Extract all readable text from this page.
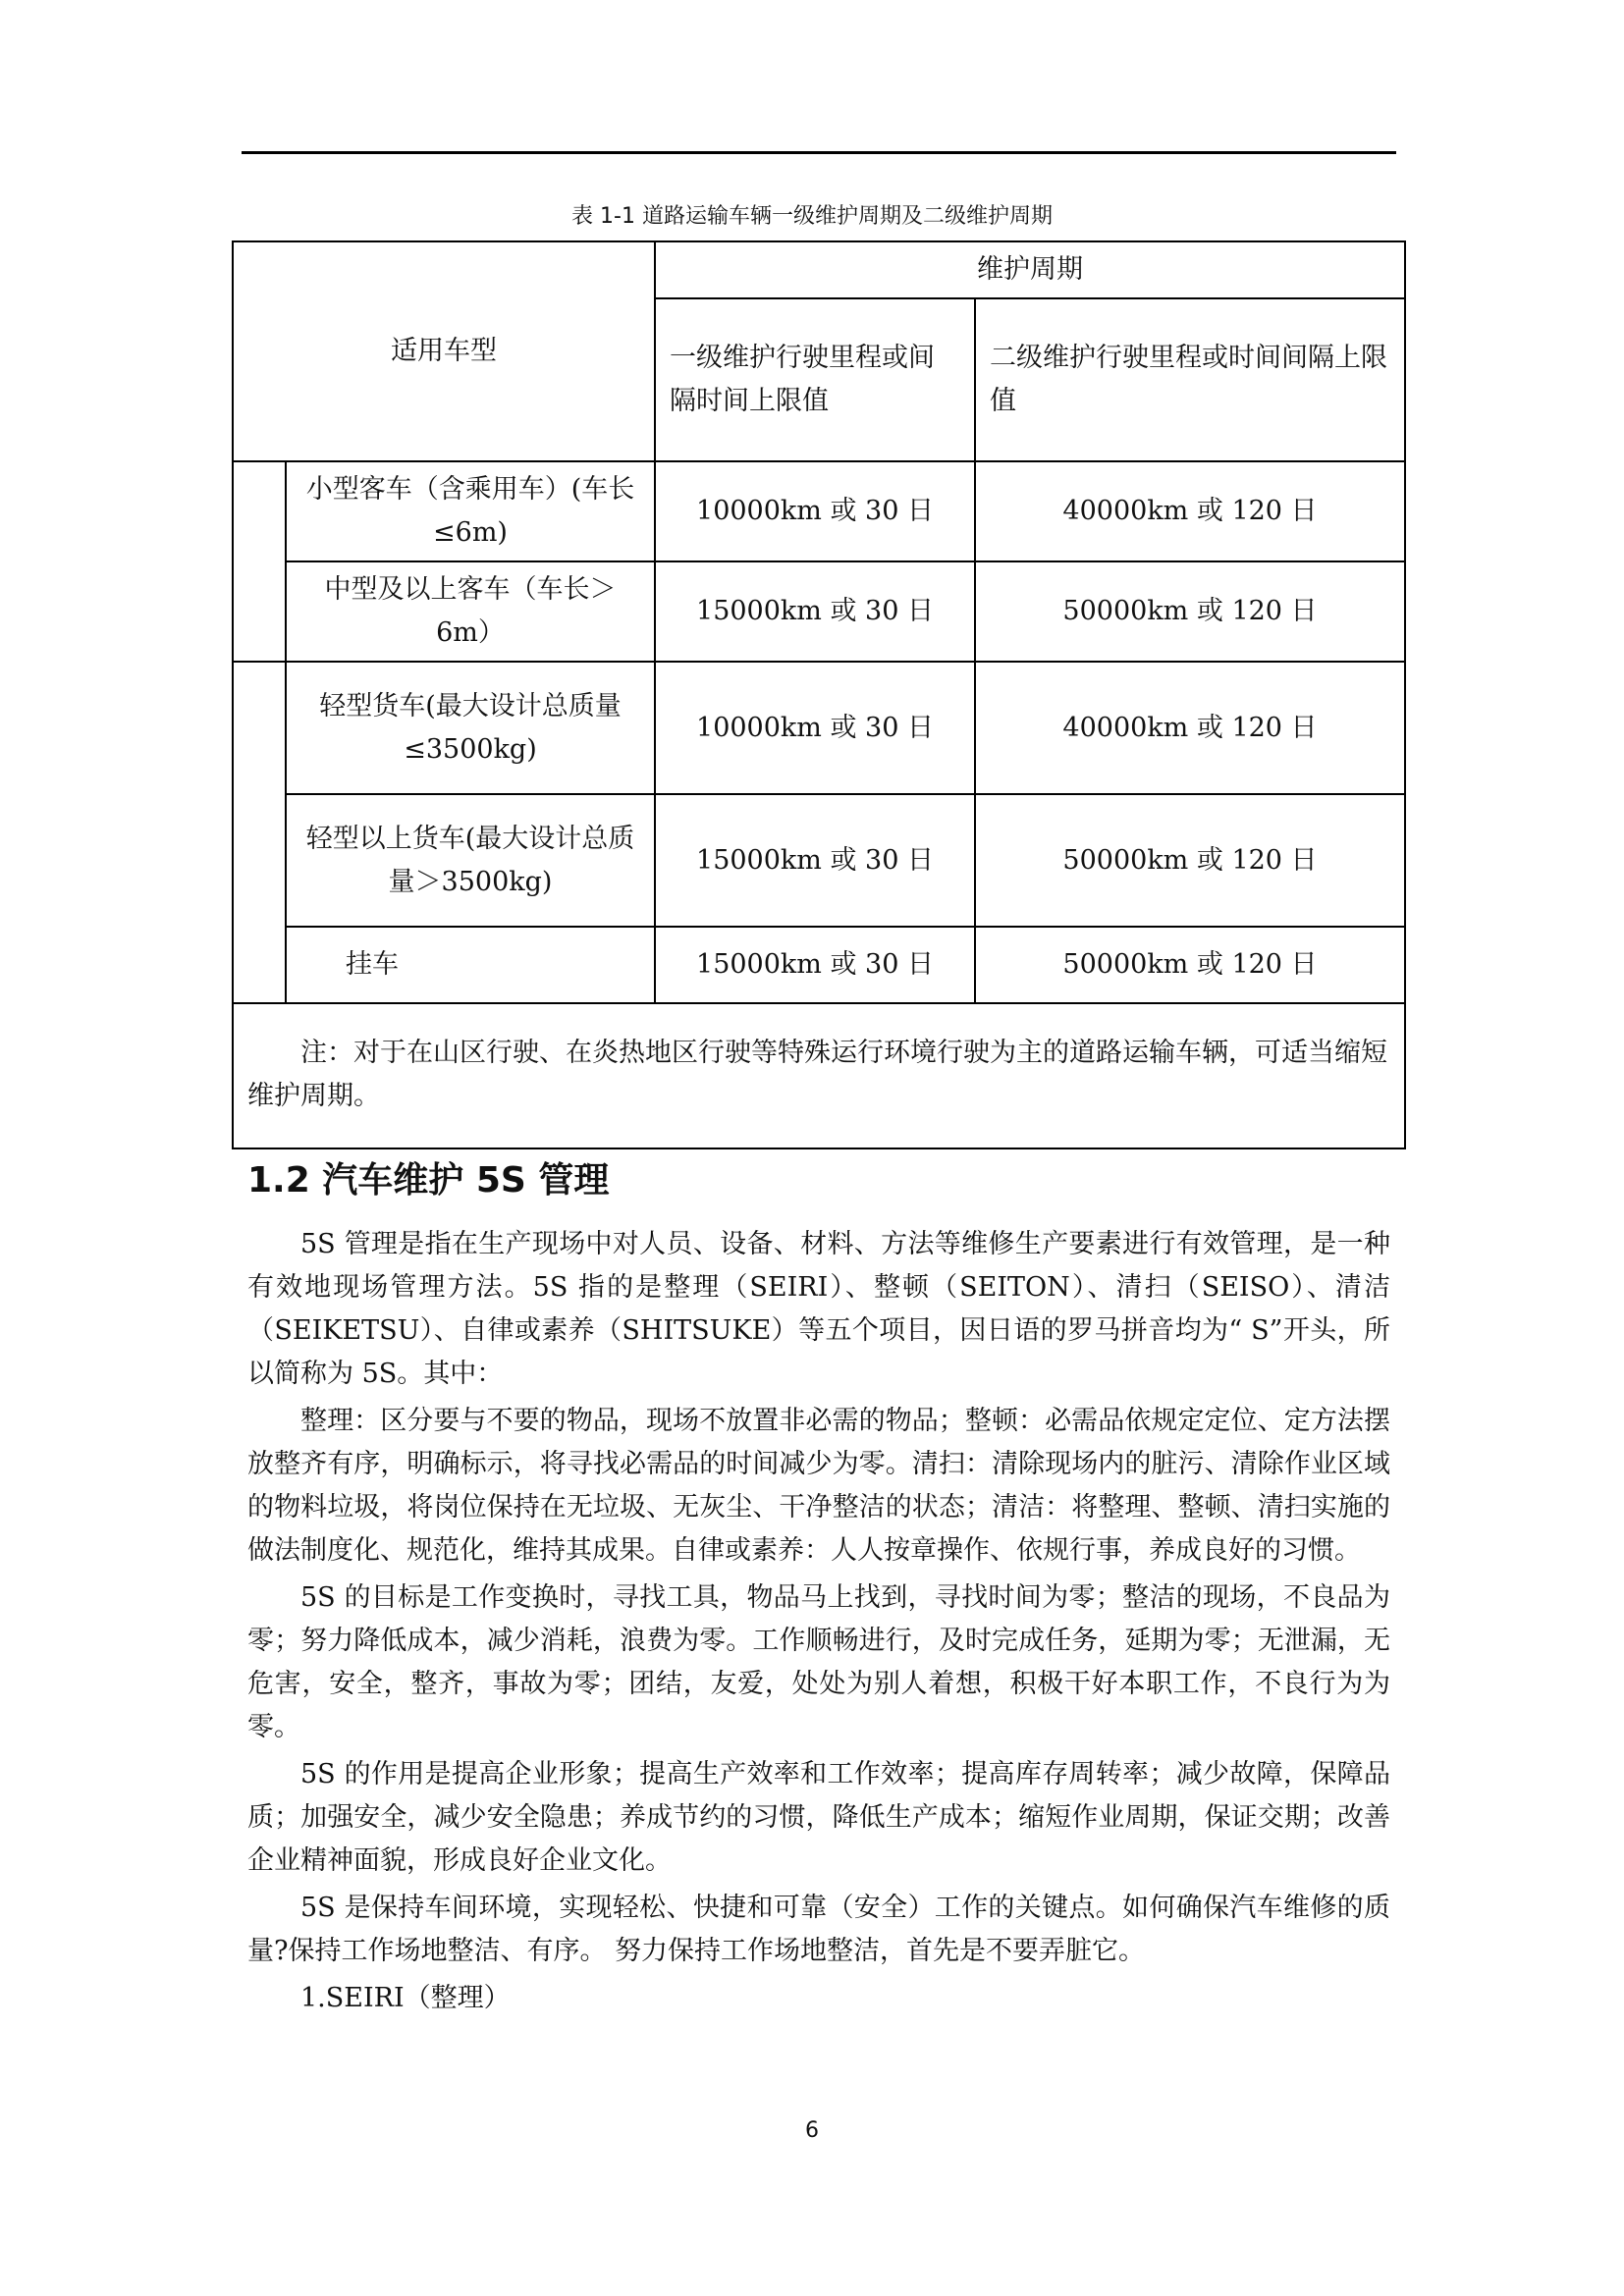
表 1-1 道路运输车辆一级维护周期及二级维护周期
适用车型		维护周期	
		一级维护行驶里程或间隔时间上限值	二级维护行驶里程或时间间隔上限值
	小型客车（含乘用车）(车长≤6m)	10000km 或 30 日	40000km 或 120 日
	中型及以上客车（车长＞6m）	15000km 或 30 日	50000km 或 120 日
	轻型货车(最大设计总质量≤3500kg)	10000km 或 30 日	40000km 或 120 日
	轻型以上货车(最大设计总质量＞3500kg)	15000km 或 30 日	50000km 或 120 日
	挂车	15000km 或 30 日	50000km 或 120 日
注：对于在山区行驶、在炎热地区行驶等特殊运行环境行驶为主的道路运输车辆，可适当缩短维护周期。			
1.2 汽车维护 5S 管理

5S 管理是指在生产现场中对人员、设备、材料、方法等维修生产要素进行有效管理，是一种有效地现场管理方法。5S 指的是整理（SEIRI）、整顿（SEITON）、清扫（SEISO）、清洁（SEIKETSU）、自律或素养（SHITSUKE）等五个项目，因日语的罗马拼音均为“ S”开头，所以简称为 5S。其中：

整理：区分要与不要的物品，现场不放置非必需的物品；整顿：必需品依规定定位、定方法摆放整齐有序，明确标示，将寻找必需品的时间减少为零。清扫：清除现场内的脏污、清除作业区域的物料垃圾，将岗位保持在无垃圾、无灰尘、干净整洁的状态；清洁：将整理、整顿、清扫实施的做法制度化、规范化，维持其成果。自律或素养：人人按章操作、依规行事，养成良好的习惯。

5S 的目标是工作变换时，寻找工具，物品马上找到，寻找时间为零；整洁的现场，不良品为零；努力降低成本，减少消耗，浪费为零。工作顺畅进行，及时完成任务，延期为零；无泄漏，无危害，安全，整齐，事故为零；团结，友爱，处处为别人着想，积极干好本职工作，不良行为为零。

5S 的作用是提高企业形象；提高生产效率和工作效率；提高库存周转率；减少故障，保障品质；加强安全，减少安全隐患；养成节约的习惯，降低生产成本；缩短作业周期，保证交期；改善企业精神面貌，形成良好企业文化。

5S 是保持车间环境，实现轻松、快捷和可靠（安全）工作的关键点。如何确保汽车维修的质量?保持工作场地整洁、有序。 努力保持工作场地整洁，首先是不要弄脏它。

1.SEIRI（整理）

6
